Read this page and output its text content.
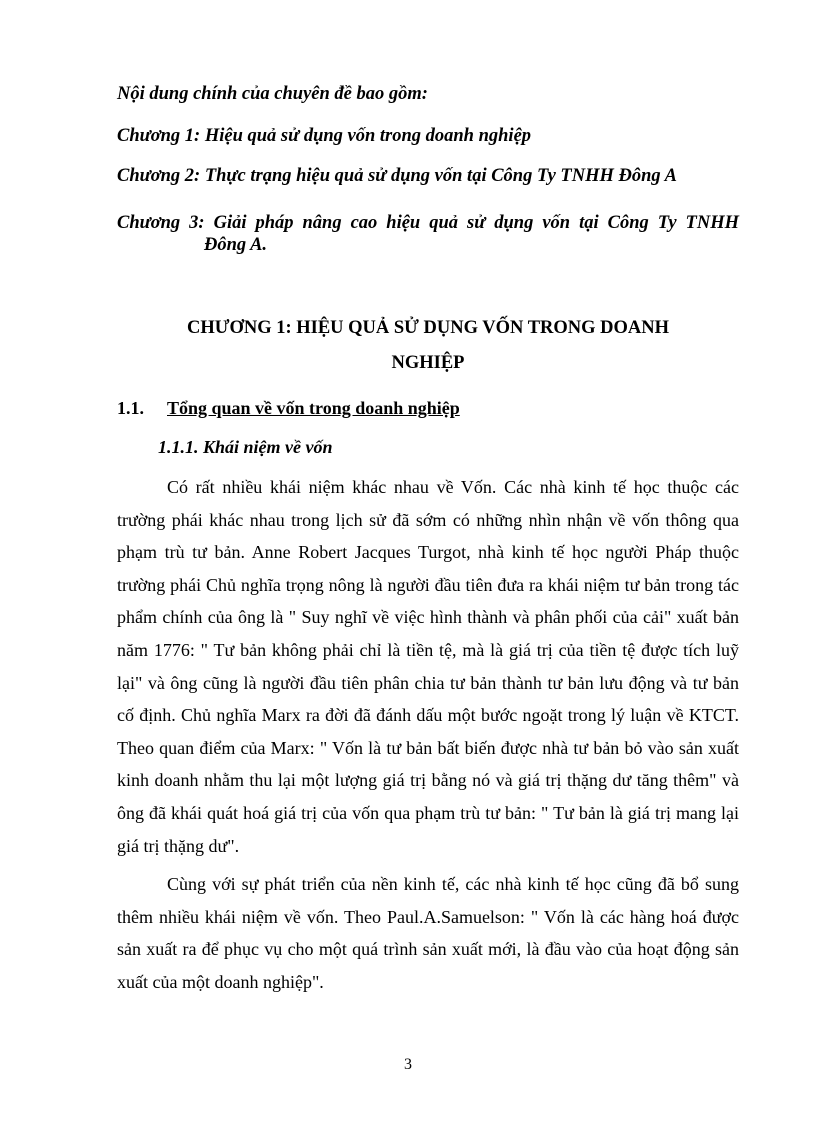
Nội dung chính của chuyên đề bao gồm:
Chương 1: Hiệu quả sử dụng vốn trong doanh nghiệp
Chương 2: Thực trạng hiệu quả sử dụng vốn tại Công Ty TNHH Đông A
Chương 3: Giải pháp nâng cao hiệu quả sử dụng vốn tại Công Ty TNHH
Đông A.
CHƯƠNG 1: HIỆU QUẢ SỬ DỤNG VỐN TRONG DOANH
NGHIỆP
1.1. Tổng quan về vốn trong doanh nghiệp
1.1.1. Khái niệm về vốn

Có rất nhiều khái niệm khác nhau về Vốn. Các nhà kinh tế học thuộc các trường phái khác nhau trong lịch sử đã sớm có những nhìn nhận về vốn thông qua phạm trù tư bản. Anne Robert Jacques Turgot, nhà kinh tế học người Pháp thuộc trường phái Chủ nghĩa trọng nông là người đầu tiên đưa ra khái niệm tư bản trong tác phẩm chính của ông là " Suy nghĩ về việc hình thành và phân phối của cải" xuất bản năm 1776: " Tư bản không phải chỉ là tiền tệ, mà là giá trị của tiền tệ được tích luỹ lại" và ông cũng là người đầu tiên phân chia tư bản thành tư bản lưu động và tư bản cố định. Chủ nghĩa Marx ra đời đã đánh dấu một bước ngoặt trong lý luận về KTCT. Theo quan điểm của Marx: " Vốn là tư bản bất biến được nhà tư bản bỏ vào sản xuất kinh doanh nhằm thu lại một lượng giá trị bằng nó và giá trị thặng dư tăng thêm" và ông đã khái quát hoá giá trị của vốn qua phạm trù tư bản: " Tư bản là giá trị mang lại giá trị thặng dư".

Cùng với sự phát triển của nền kinh tế, các nhà kinh tế học cũng đã bổ sung thêm nhiều khái niệm về vốn. Theo Paul.A.Samuelson: " Vốn là các hàng hoá được sản xuất ra để phục vụ cho một quá trình sản xuất mới, là đầu vào của hoạt động sản xuất của một doanh nghiệp".

3
